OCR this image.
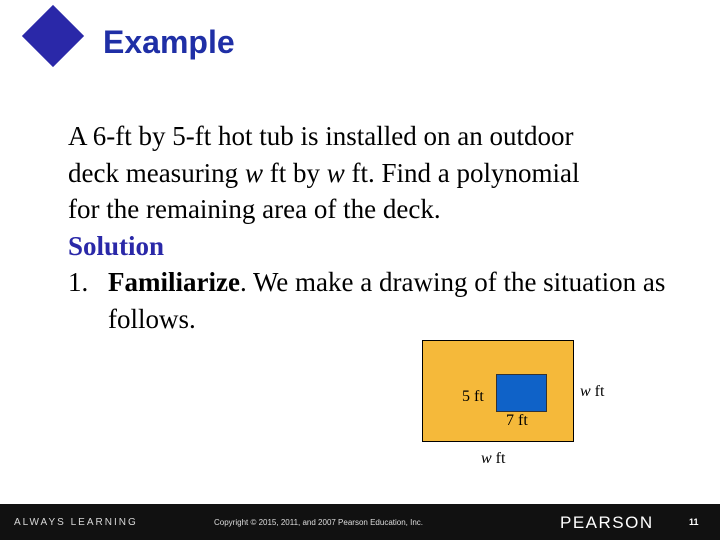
Example

A 6-ft by 5-ft hot tub is installed on an outdoor

deck measuring w ft by w ft. Find a polynomial

for the remaining area of the deck.

Solution

1. Familiarize. We make a drawing of the situation as follows.
5 ft
7 ft
w ft
w ft
ALWAYS LEARNING	Copyright © 2015, 2011, and 2007 Pearson Education, Inc.	PEARSON	11
